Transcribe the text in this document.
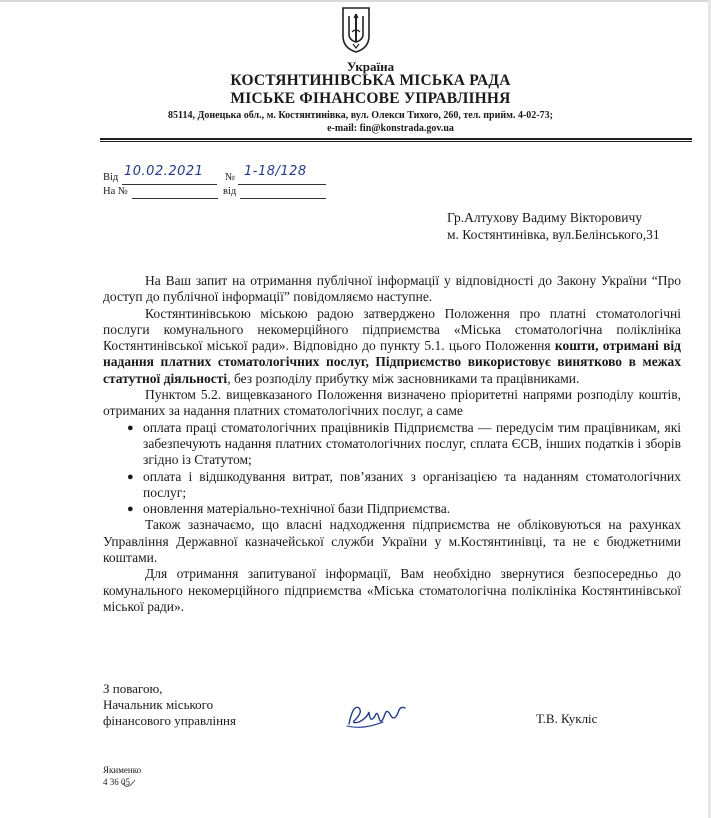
Україна
КОСТЯНТИНІВСЬКА МІСЬКА РАДА
МІСЬКЕ ФІНАНСОВЕ УПРАВЛІННЯ
85114, Донецька обл., м. Костянтинівка, вул. Олекси Тихого, 260, тел. прийм. 4-02-73;
e-mail: fin@konstrada.gov.ua
Від 10.02.2021 № 1-18/128
На №	від
Гр.Алтухову Вадиму Вікторовичу
м. Костянтинівка, вул.Белінського,31

На Ваш запит на отримання публічної інформації у відповідності до Закону України “Про доступ до публічної інформації” повідомляємо наступне.

Костянтинівською міською радою затверджено Положення про платні стоматологічні послуги комунального некомерційного підприємства «Міська стоматологічна поліклініка Костянтинівської міської ради». Відповідно до пункту 5.1. цього Положення кошти, отримані від надання платних стоматологічних послуг, Підприємство використовує винятково в межах статутної діяльності, без розподілу прибутку між засновниками та працівниками.

Пунктом 5.2. вищевказаного Положення визначено пріоритетні напрями розподілу коштів, отриманих за надання платних стоматологічних послуг, а саме

● оплата праці стоматологічних працівників Підприємства — передусім тим працівникам, які забезпечують надання платних стоматологічних послуг, сплата ЄСВ, інших податків і зборів згідно із Статутом;
● оплата і відшкодування витрат, пов’язаних з організацією та наданням стоматологічних послуг;
● оновлення матеріально-технічної бази Підприємства.

Також зазначаємо, що власні надходження підприємства не обліковуються на рахунках Управління Державної казначейської служби України у м.Костянтинівці, та не є бюджетними коштами.

Для отримання запитуваної інформації, Вам необхідно звернутися безпосередньо до комунального некомерційного підприємства «Міська стоматологічна поліклініка Костянтинівської міської ради».

З повагою,
Начальник міського
фінансового управління	Т.В. Кукліс
Якименко
4 36 05
